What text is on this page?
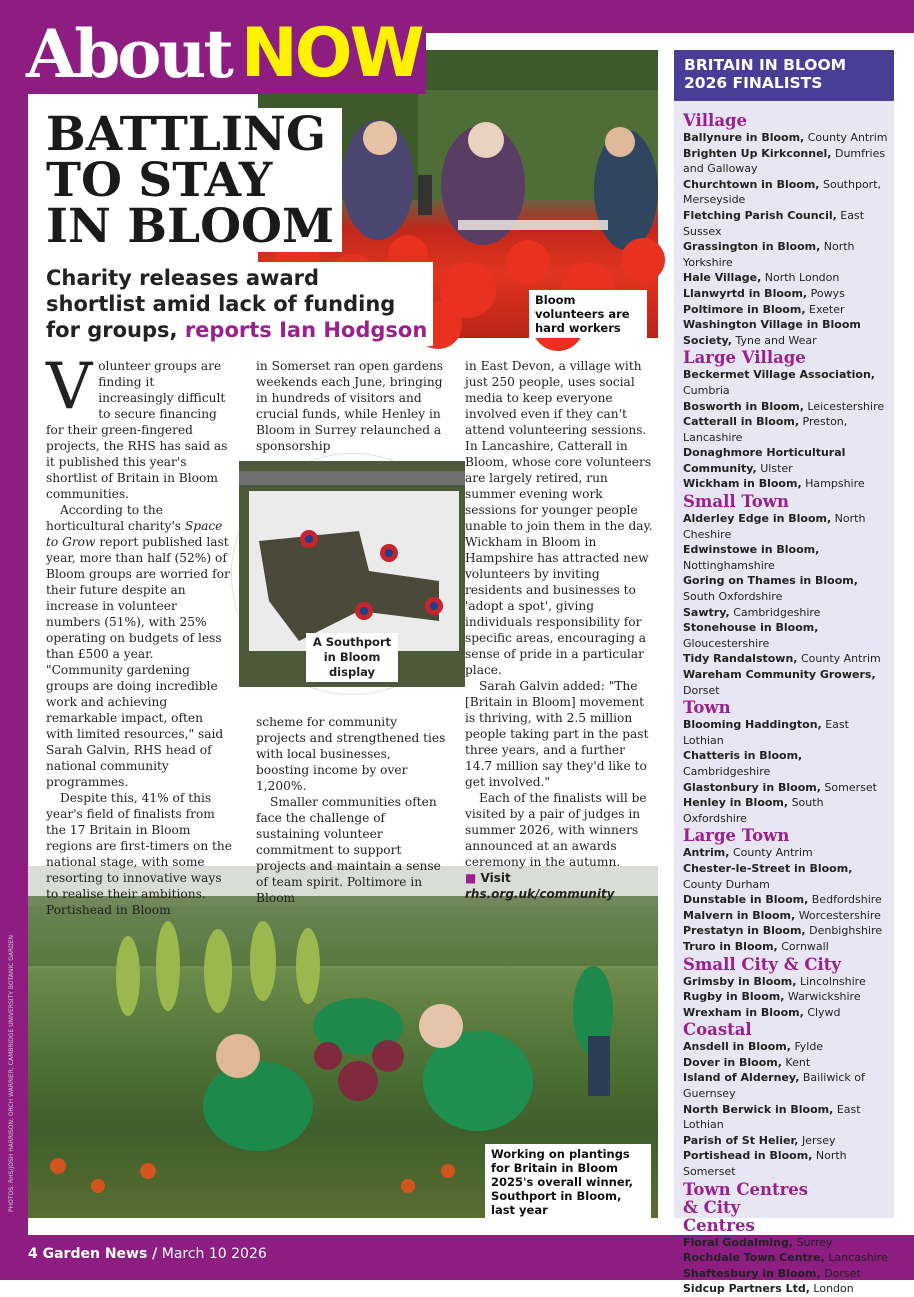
Bloom volunteers are hard workers
Working on plantings for Britain in Bloom 2025's overall winner, Southport in Bloom, last year
A Southport in Bloom display
About NOW
BATTLING
TO STAY
IN BLOOM
Charity releases award
shortlist amid lack of funding
for groups, reports Ian Hodgson

Volunteer groups are finding it increasingly difficult to secure financing for their green-fingered projects, the RHS has said as it published this year's shortlist of Britain in Bloom communities.

According to the horticultural charity's Space to Grow report published last year, more than half (52%) of Bloom groups are worried for their future despite an increase in volunteer numbers (51%), with 25% operating on budgets of less than £500 a year. "Community gardening groups are doing incredible work and achieving remarkable impact, often with limited resources," said Sarah Galvin, RHS head of national community programmes.

Despite this, 41% of this year's field of finalists from the 17 Britain in Bloom regions are first-timers on the national stage, with some resorting to innovative ways to realise their ambitions. Portishead in Bloom

in Somerset ran open gardens weekends each June, bringing in hundreds of visitors and crucial funds, while Henley in Bloom in Surrey relaunched a sponsorship

scheme for community projects and strengthened ties with local businesses, boosting income by over 1,200%.

Smaller communities often face the challenge of sustaining volunteer commitment to support projects and maintain a sense of team spirit. Poltimore in Bloom

in East Devon, a village with just 250 people, uses social media to keep everyone involved even if they can't attend volunteering sessions. In Lancashire, Catterall in Bloom, whose core volunteers are largely retired, run summer evening work sessions for younger people unable to join them in the day. Wickham in Bloom in Hampshire has attracted new volunteers by inviting residents and businesses to 'adopt a spot', giving individuals responsibility for specific areas, encouraging a sense of pride in a particular place.

Sarah Galvin added: "The [Britain in Bloom] movement is thriving, with 2.5 million people taking part in the past three years, and a further 14.7 million say they'd like to get involved."

Each of the finalists will be visited by a pair of judges in summer 2026, with winners announced at an awards ceremony in the autumn.

■ Visit rhs.org.uk/community

BRITAIN IN BLOOM
2026 FINALISTS
Village

Ballynure in Bloom, County Antrim

Brighten Up Kirkconnel, Dumfries and Galloway

Churchtown in Bloom, Southport, Merseyside

Fletching Parish Council, East Sussex

Grassington in Bloom, North Yorkshire

Hale Village, North London

Llanwyrtd in Bloom, Powys

Poltimore in Bloom, Exeter

Washington Village in Bloom Society, Tyne and Wear

Large Village

Beckermet Village Association, Cumbria

Bosworth in Bloom, Leicestershire

Catterall in Bloom, Preston, Lancashire

Donaghmore Horticultural Community, Ulster

Wickham in Bloom, Hampshire

Small Town

Alderley Edge in Bloom, North Cheshire

Edwinstowe in Bloom, Nottinghamshire

Goring on Thames in Bloom, South Oxfordshire

Sawtry, Cambridgeshire

Stonehouse in Bloom, Gloucestershire

Tidy Randalstown, County Antrim

Wareham Community Growers, Dorset

Town

Blooming Haddington, East Lothian

Chatteris in Bloom, Cambridgeshire

Glastonbury in Bloom, Somerset

Henley in Bloom, South Oxfordshire

Large Town

Antrim, County Antrim

Chester-le-Street in Bloom, County Durham

Dunstable in Bloom, Bedfordshire

Malvern in Bloom, Worcestershire

Prestatyn in Bloom, Denbighshire

Truro in Bloom, Cornwall

Small City & City

Grimsby in Bloom, Lincolnshire

Rugby in Bloom, Warwickshire

Wrexham in Bloom, Clywd

Coastal

Ansdell in Bloom, Fylde

Dover in Bloom, Kent

Island of Alderney, Bailiwick of Guernsey

North Berwick in Bloom, East Lothian

Parish of St Helier, Jersey

Portishead in Bloom, North Somerset

Town Centres & City Centres

Floral Godalming, Surrey

Rochdale Town Centre, Lancashire

Shaftesbury in Bloom, Dorset

Sidcup Partners Ltd, London

4 Garden News / March 10 2026
PHOTOS: RHS/JOSH HARRISON; ORCH WARRIER; CAMBRIDGE UNIVERSITY BOTANIC GARDEN
